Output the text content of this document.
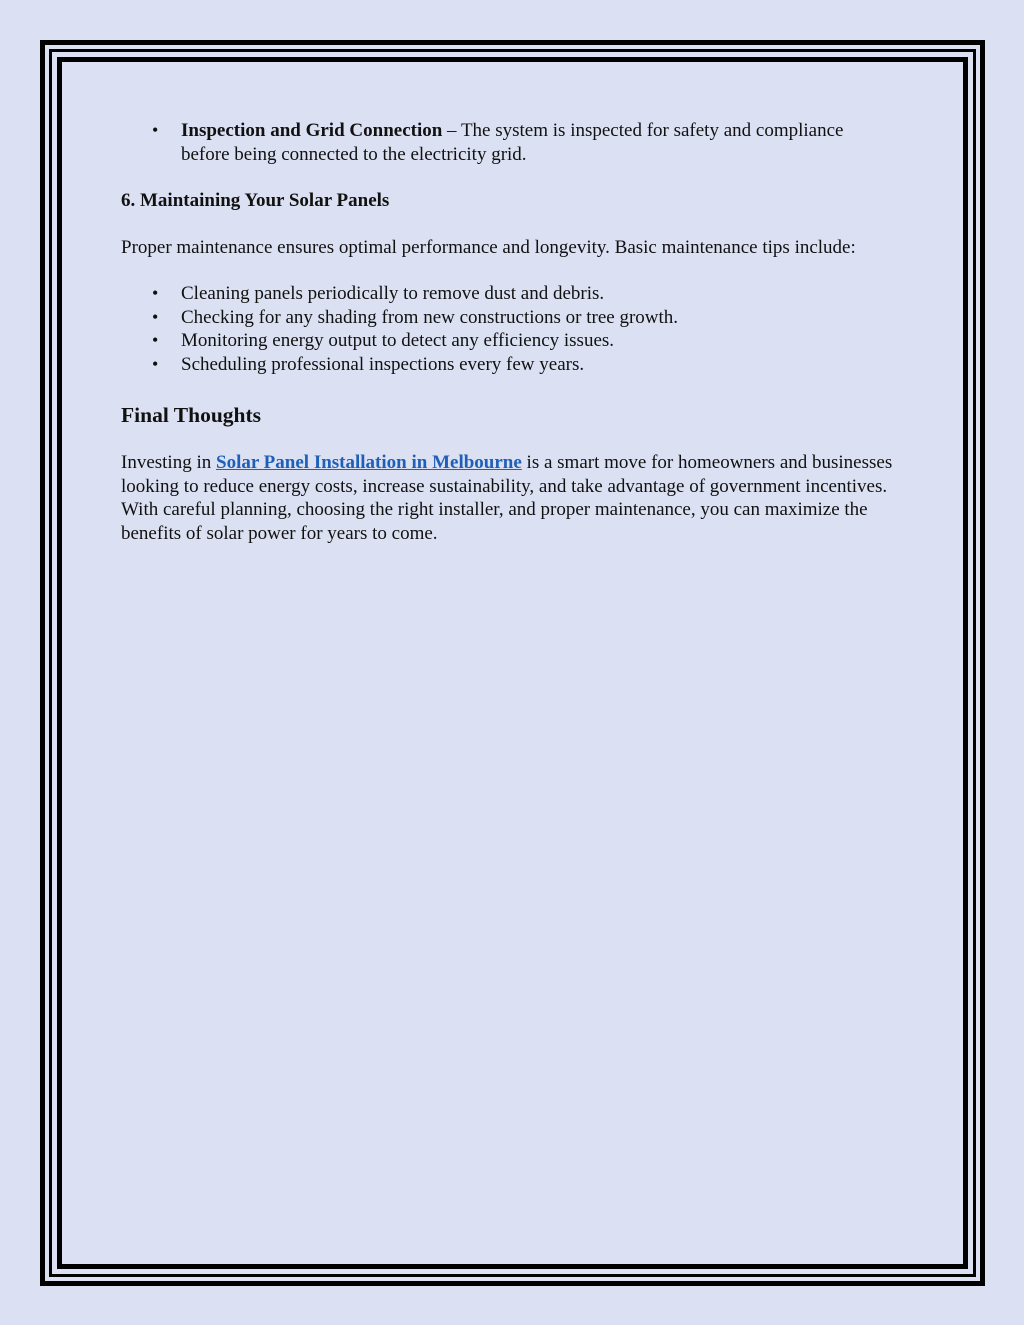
• Inspection and Grid Connection – The system is inspected for safety and compliance before being connected to the electricity grid.

6. Maintaining Your Solar Panels

Proper maintenance ensures optimal performance and longevity. Basic maintenance tips include:

• Cleaning panels periodically to remove dust and debris.
• Checking for any shading from new constructions or tree growth.
• Monitoring energy output to detect any efficiency issues.
• Scheduling professional inspections every few years.
Final Thoughts

Investing in Solar Panel Installation in Melbourne is a smart move for homeowners and businesses looking to reduce energy costs, increase sustainability, and take advantage of government incentives. With careful planning, choosing the right installer, and proper maintenance, you can maximize the benefits of solar power for years to come.
